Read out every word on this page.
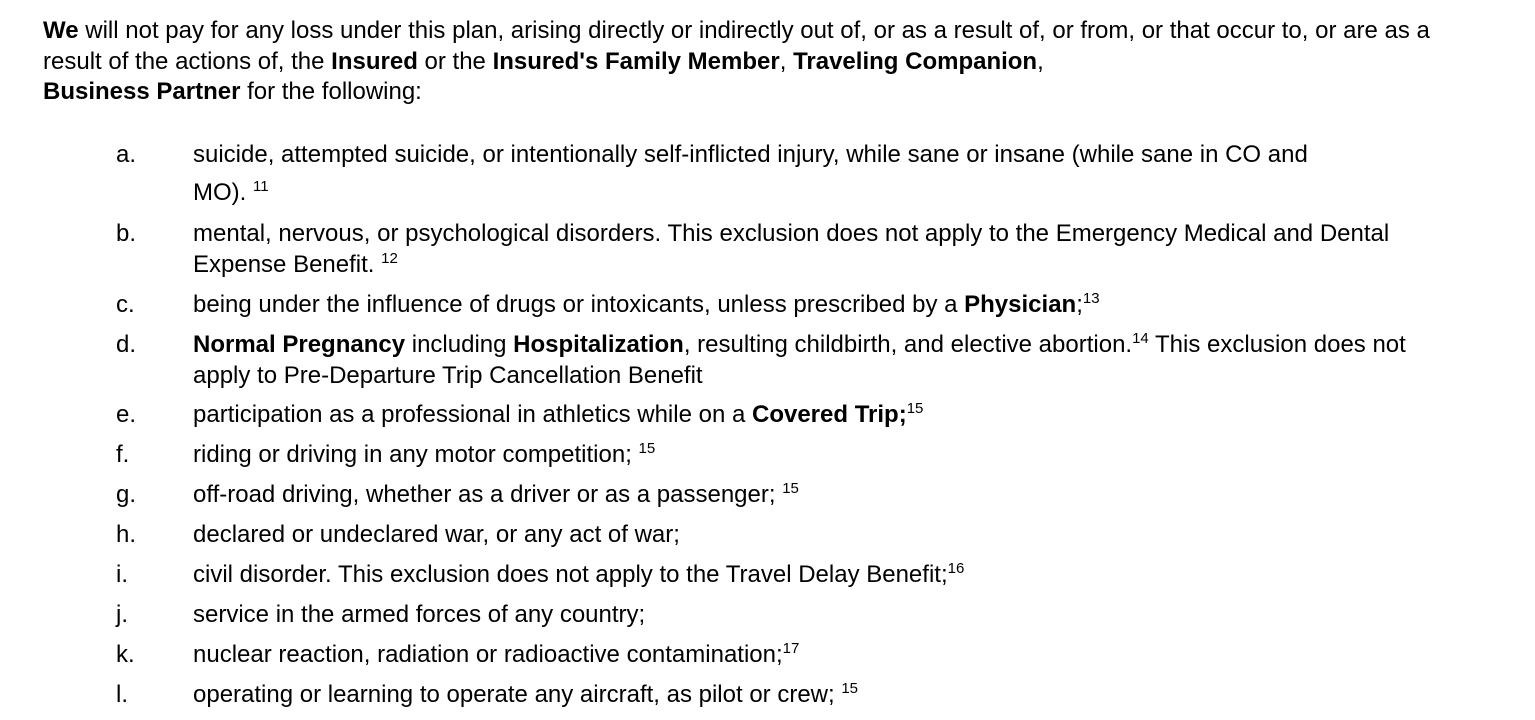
We will not pay for any loss under this plan, arising directly or indirectly out of, or as a result of, or from, or that occur to, or are as a result of the actions of, the Insured or the Insured's Family Member, Traveling Companion,
Business Partner for the following:
a.	suicide, attempted suicide, or intentionally self-inflicted injury, while sane or insane (while sane in CO and MO). $^{11}$
b.	mental, nervous, or psychological disorders. This exclusion does not apply to the Emergency Medical and Dental Expense Benefit. $^{12}$
c.	being under the influence of drugs or intoxicants, unless prescribed by a Physician;$^{13}$
d.	Normal Pregnancy including Hospitalization, resulting childbirth, and elective abortion.$^{14}$ This exclusion does not apply to Pre-Departure Trip Cancellation Benefit
e.	participation as a professional in athletics while on a Covered Trip;$^{15}$
f.	riding or driving in any motor competition; $^{15}$
g.	off-road driving, whether as a driver or as a passenger; $^{15}$
h.	declared or undeclared war, or any act of war;
i.	civil disorder. This exclusion does not apply to the Travel Delay Benefit;$^{16}$
j.	service in the armed forces of any country;
k.	nuclear reaction, radiation or radioactive contamination;$^{17}$
l.	operating or learning to operate any aircraft, as pilot or crew; $^{15}$
